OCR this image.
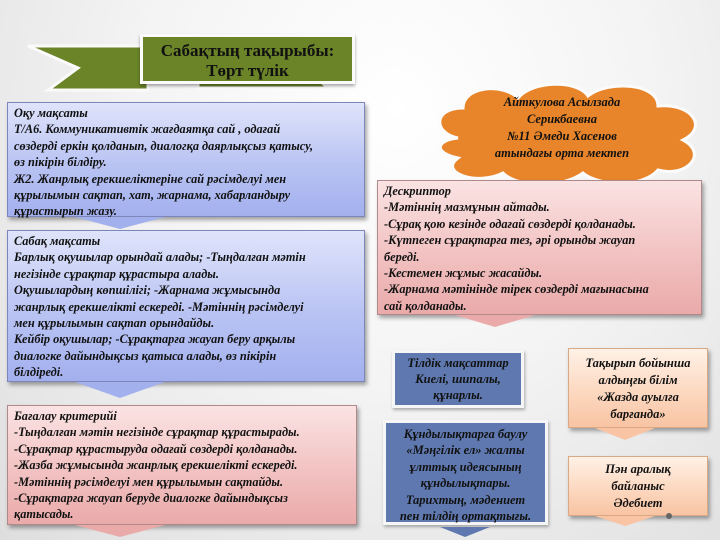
Сабақтың тақырыбы:
Төрт түлік
Айткулова Асылзада
Серикбаевна
№11 Әмеди Хасенов
атындағы орта мектеп
Оқу мақсаты
Т/А6. Коммуникативтік жағдаятқа сай , одағай
сөздерді еркін қолданып, диалогқа даярлықсыз қатысу,
өз пікірін білдіру.
Ж2. Жанрлық ерекшеліктеріне сай рәсімделуі мен
құрылымын сақтап, хат, жарнама, хабарландыру
құрастырып жазу.
Сабақ мақсаты
Барлық оқушылар орындай алады; -Тыңдалған мәтін
негізінде сұрақтар құрастыра алады.
Оқушылардың көпшілігі; -Жарнама жұмысында
жанрлық ерекшелікті ескереді. -Мәтіннің рәсімделуі
мен құрылымын сақтап орындайды.
Кейбір оқушылар; -Сұрақтарға жауап беру арқылы
диалогке дайындықсыз қатыса алады, өз пікірін
білдіреді.
Бағалау критерийі
-Тыңдалған мәтін негізінде сұрақтар құрастырады.
-Сұрақтар құрастыруда одағай сөздерді қолданады.
-Жазба жұмысында жанрлық ерекшелікті ескереді.
-Мәтіннің рәсімделуі мен құрылымын сақтайды.
-Сұрақтарға жауап беруде диалогке дайындықсыз
қатысады.
Дескриптор
-Мәтіннің мазмұнын айтады.
-Сұрақ қою кезінде одағай сөздерді қолданады.
-Күтпеген сұрақтарға тез, әрі орынды жауап
береді.
-Кестемен жұмыс жасайды.
-Жарнама мәтінінде тірек сөздерді мағынасына
сай қолданады.
Тілдік мақсаттар
Киелі, шипалы,
құнарлы.
Құндылықтарға баулу
«Мәңгілік ел» жалпы
ұлттық идеясының
құндылықтары.
Тарихтың, мәдениет
пен тілдің ортақтығы.
Тақырып бойынша
алдыңғы білім
«Жазда ауылға
барғанда»
Пән аралық
байланыс
Әдебиет
